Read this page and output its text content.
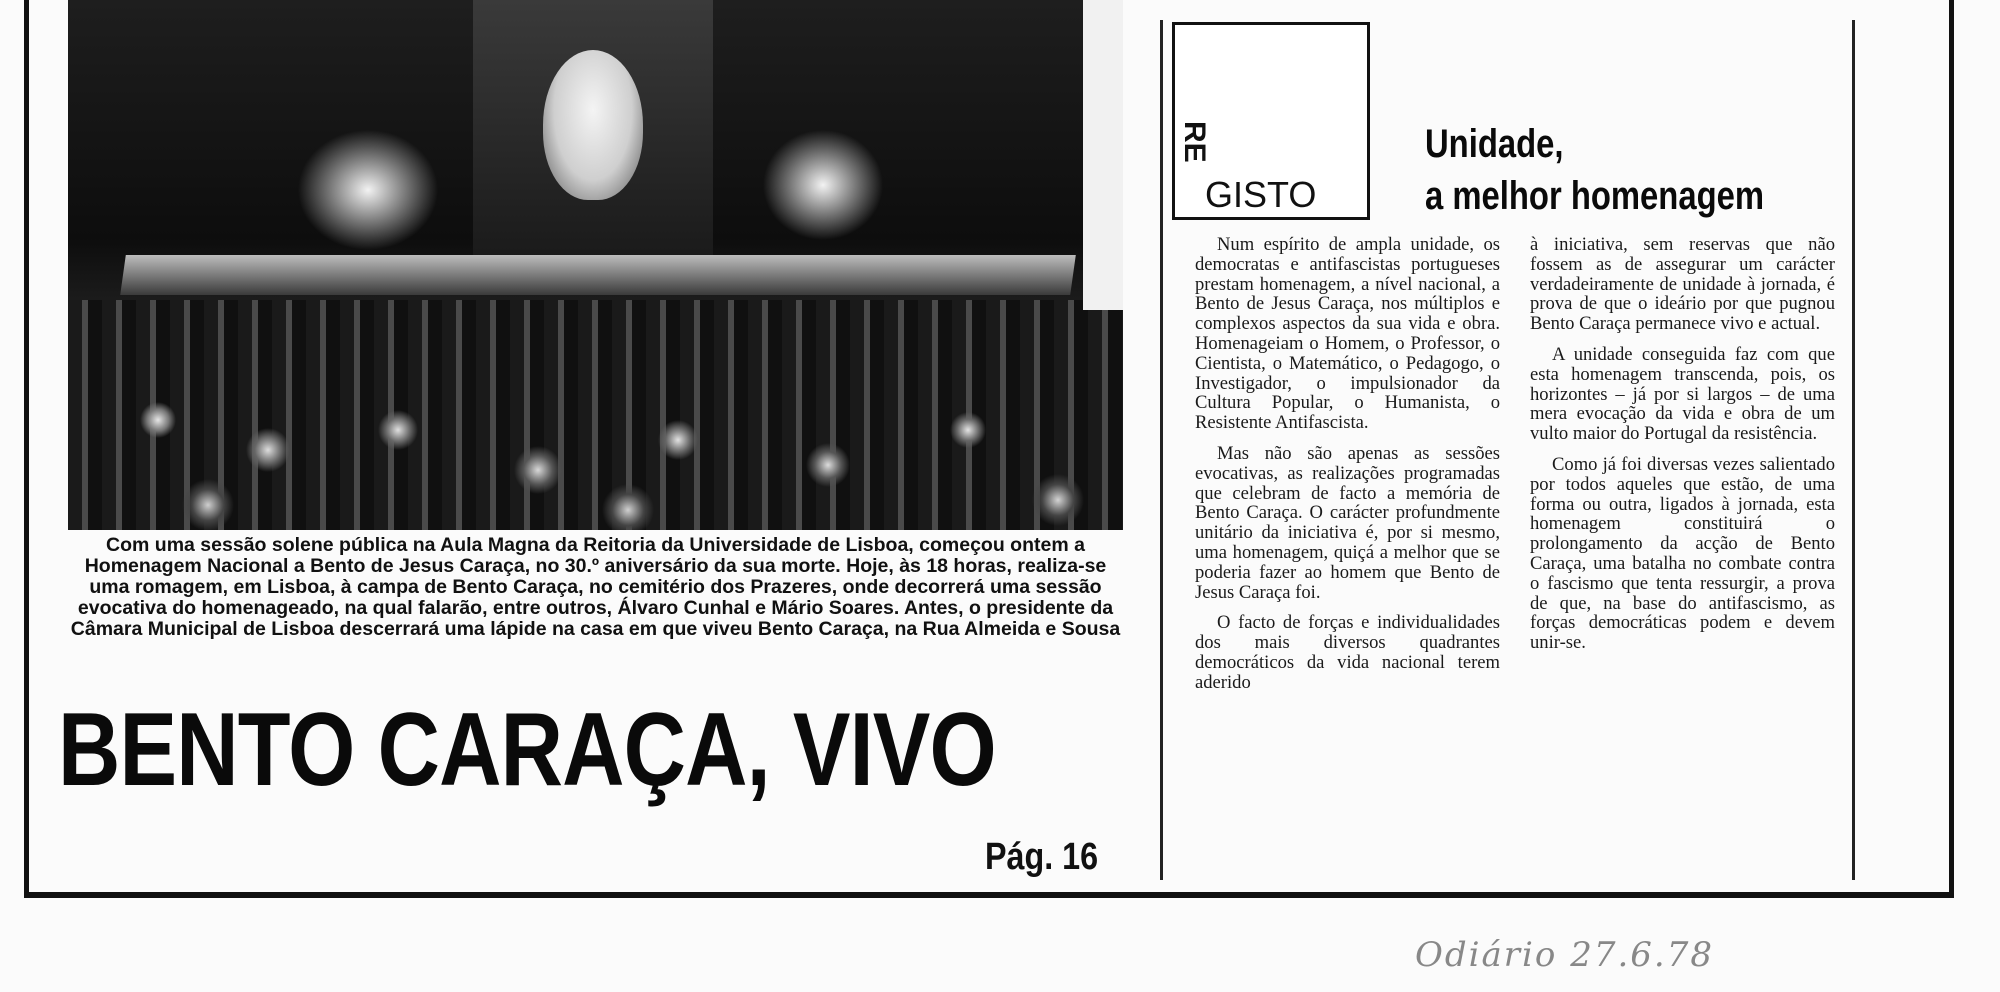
Com uma sessão solene pública na Aula Magna da Reitoria da Universidade de Lisboa, começou ontem a Homenagem Nacional a Bento de Jesus Caraça, no 30.º aniversário da sua morte. Hoje, às 18 horas, realiza-se uma romagem, em Lisboa, à campa de Bento Caraça, no cemitério dos Prazeres, onde decorrerá uma sessão evocativa do homenageado, na qual falarão, entre outros, Álvaro Cunhal e Mário Soares. Antes, o presidente da Câmara Municipal de Lisboa descerrará uma lápide na casa em que viveu Bento Caraça, na Rua Almeida e Sousa
BENTO CARAÇA, VIVO
Pág. 16
RE
GISTO
Unidade,
a melhor homenagem

Num espírito de ampla unidade, os democratas e antifascistas portugueses prestam homenagem, a nível nacional, a Bento de Jesus Caraça, nos múltiplos e complexos aspectos da sua vida e obra. Homenageiam o Homem, o Professor, o Cientista, o Matemático, o Pedagogo, o Investigador, o impulsionador da Cultura Popular, o Humanista, o Resistente Antifascista.

Mas não são apenas as sessões evocativas, as realizações programadas que celebram de facto a memória de Bento Caraça. O carácter profundmente unitário da iniciativa é, por si mesmo, uma homenagem, quiçá a melhor que se poderia fazer ao homem que Bento de Jesus Caraça foi.

O facto de forças e individualidades dos mais diversos quadrantes democráticos da vida nacional terem aderido

à iniciativa, sem reservas que não fossem as de assegurar um carácter verdadeiramente de unidade à jornada, é prova de que o ideário por que pugnou Bento Caraça permanece vivo e actual.

A unidade conseguida faz com que esta homenagem transcenda, pois, os horizontes – já por si largos – de uma mera evocação da vida e obra de um vulto maior do Portugal da resistência.

Como já foi diversas vezes salientado por todos aqueles que estão, de uma forma ou outra, ligados à jornada, esta homenagem constituirá o prolongamento da acção de Bento Caraça, uma batalha no combate contra o fascismo que tenta ressurgir, a prova de que, na base do antifascismo, as forças democráticas podem e devem unir-se.

Odiário 27.6.78
